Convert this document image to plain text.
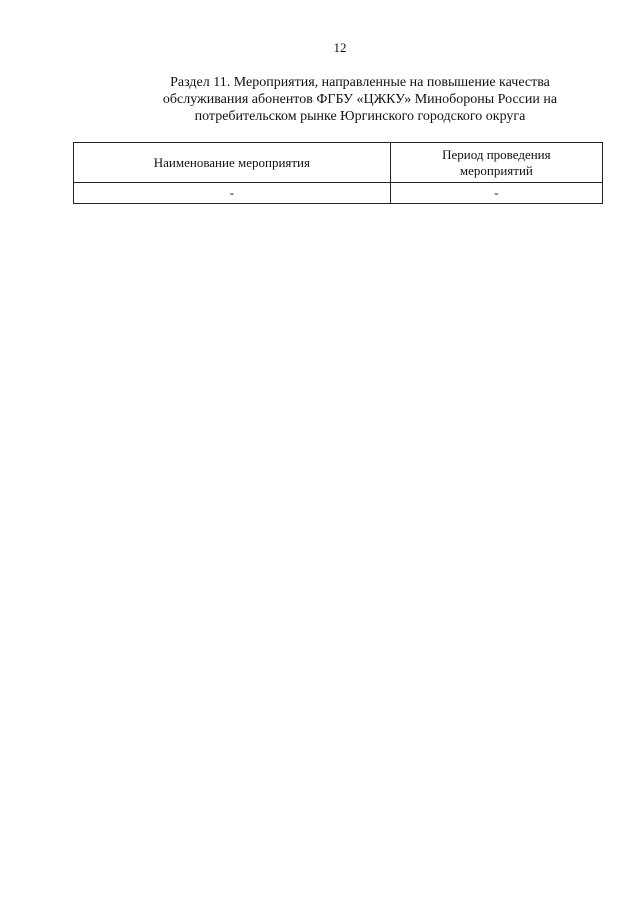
12
Раздел 11. Мероприятия, направленные на повышение качества
обслуживания абонентов ФГБУ «ЦЖКУ» Минобороны России на
потребительском рынке Юргинского городского округа
Наименование мероприятия	Период проведения мероприятий
-	-
